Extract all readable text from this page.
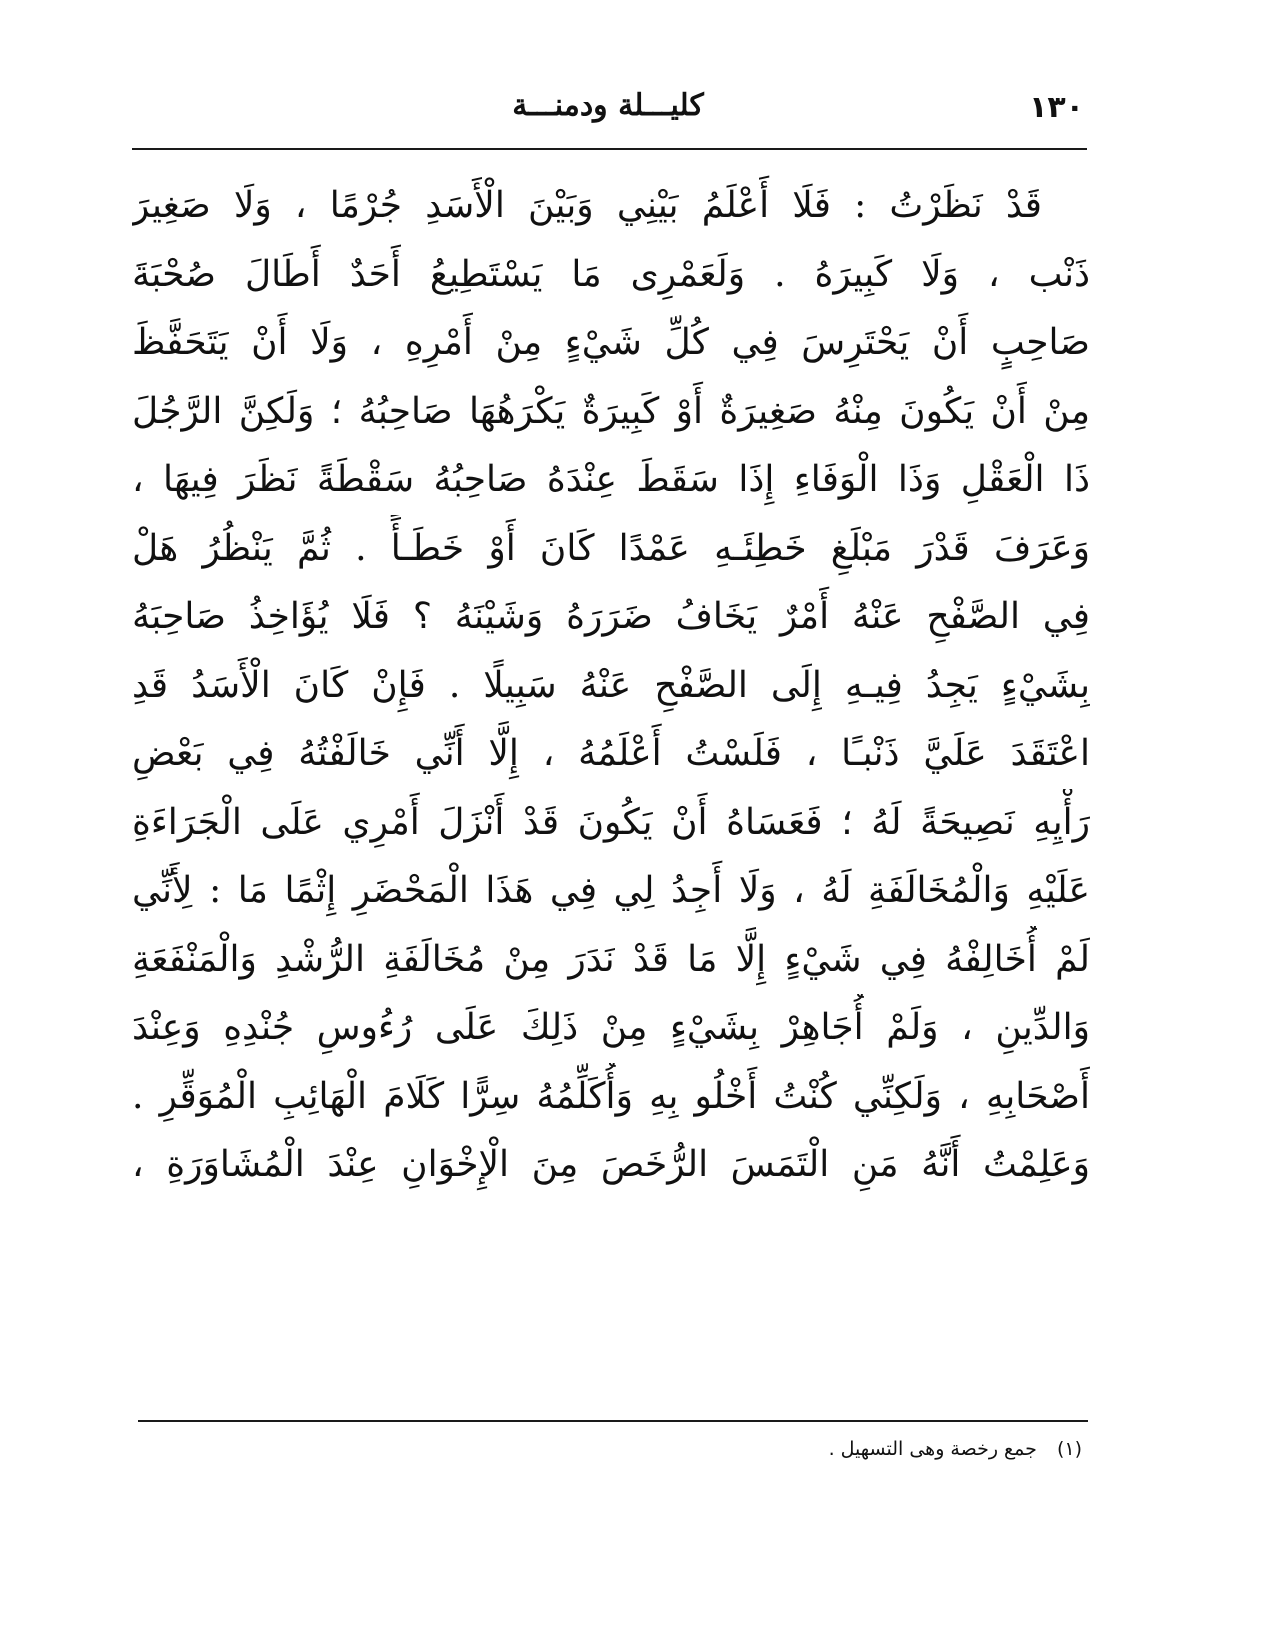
١٣٠
كليـــلة ودمنـــة
قَدْ نَظَرْتُ : فَلَا أَعْلَمُ بَيْنِي وَبَيْنَ الْأَسَدِ جُرْمًا ، وَلَا صَغِيرَ
ذَنْب ، وَلَا كَبِيرَهُ . وَلَعَمْرِى مَا يَسْتَطِيعُ أَحَدٌ أَطَالَ صُحْبَةَ
صَاحِبٍ أَنْ يَحْتَرِسَ فِي كُلِّ شَيْءٍ مِنْ أَمْرِهِ ، وَلَا أَنْ يَتَحَفَّظَ
مِنْ أَنْ يَكُونَ مِنْهُ صَغِيرَةٌ أَوْ كَبِيرَةٌ يَكْرَهُهَا صَاحِبُهُ ؛ وَلَكِنَّ الرَّجُلَ
ذَا الْعَقْلِ وَذَا الْوَفَاءِ إِذَا سَقَطَ عِنْدَهُ صَاحِبُهُ سَقْطَةً نَظَرَ فِيهَا ،
وَعَرَفَ قَدْرَ مَبْلَغِ خَطِئَـهِ عَمْدًا كَانَ أَوْ خَطَـأً . ثُمَّ يَنْظُرُ هَلْ
فِي الصَّفْحِ عَنْهُ أَمْرٌ يَخَافُ ضَرَرَهُ وَشَيْنَهُ ؟ فَلَا يُؤَاخِذُ صَاحِبَهُ
بِشَيْءٍ يَجِدُ فِيـهِ إِلَى الصَّفْحِ عَنْهُ سَبِيلًا . فَإِنْ كَانَ الْأَسَدُ قَدِ
اعْتَقَدَ عَلَيَّ ذَنْبـًا ، فَلَسْتُ أَعْلَمُهُ ، إِلَّا أَنِّي خَالَفْتُهُ فِي بَعْضِ
رَأْيِهِ نَصِيحَةً لَهُ ؛ فَعَسَاهُ أَنْ يَكُونَ قَدْ أَنْزَلَ أَمْرِي عَلَى الْجَرَاءَةِ
عَلَيْهِ وَالْمُخَالَفَةِ لَهُ ، وَلَا أَجِدُ لِي فِي هَذَا الْمَحْضَرِ إِثْمًا مَا : لِأَنِّي
لَمْ أُخَالِفْهُ فِي شَيْءٍ إِلَّا مَا قَدْ نَدَرَ مِنْ مُخَالَفَةِ الرُّشْدِ وَالْمَنْفَعَةِ
وَالدِّينِ ، وَلَمْ أُجَاهِرْ بِشَيْءٍ مِنْ ذَلِكَ عَلَى رُءُوسِ جُنْدِهِ وَعِنْدَ
أَصْحَابِهِ ، وَلَكِنِّي كُنْتُ أَخْلُو بِهِ وَأُكَلِّمُهُ سِرًّا كَلَامَ الْهَائِبِ الْمُوَقِّرِ .
وَعَلِمْتُ أَنَّهُ مَنِ الْتَمَسَ الرُّخَصَ مِنَ الْإِخْوَانِ عِنْدَ الْمُشَاوَرَةِ ،
(١) جمع رخصة وهى التسهيل .
